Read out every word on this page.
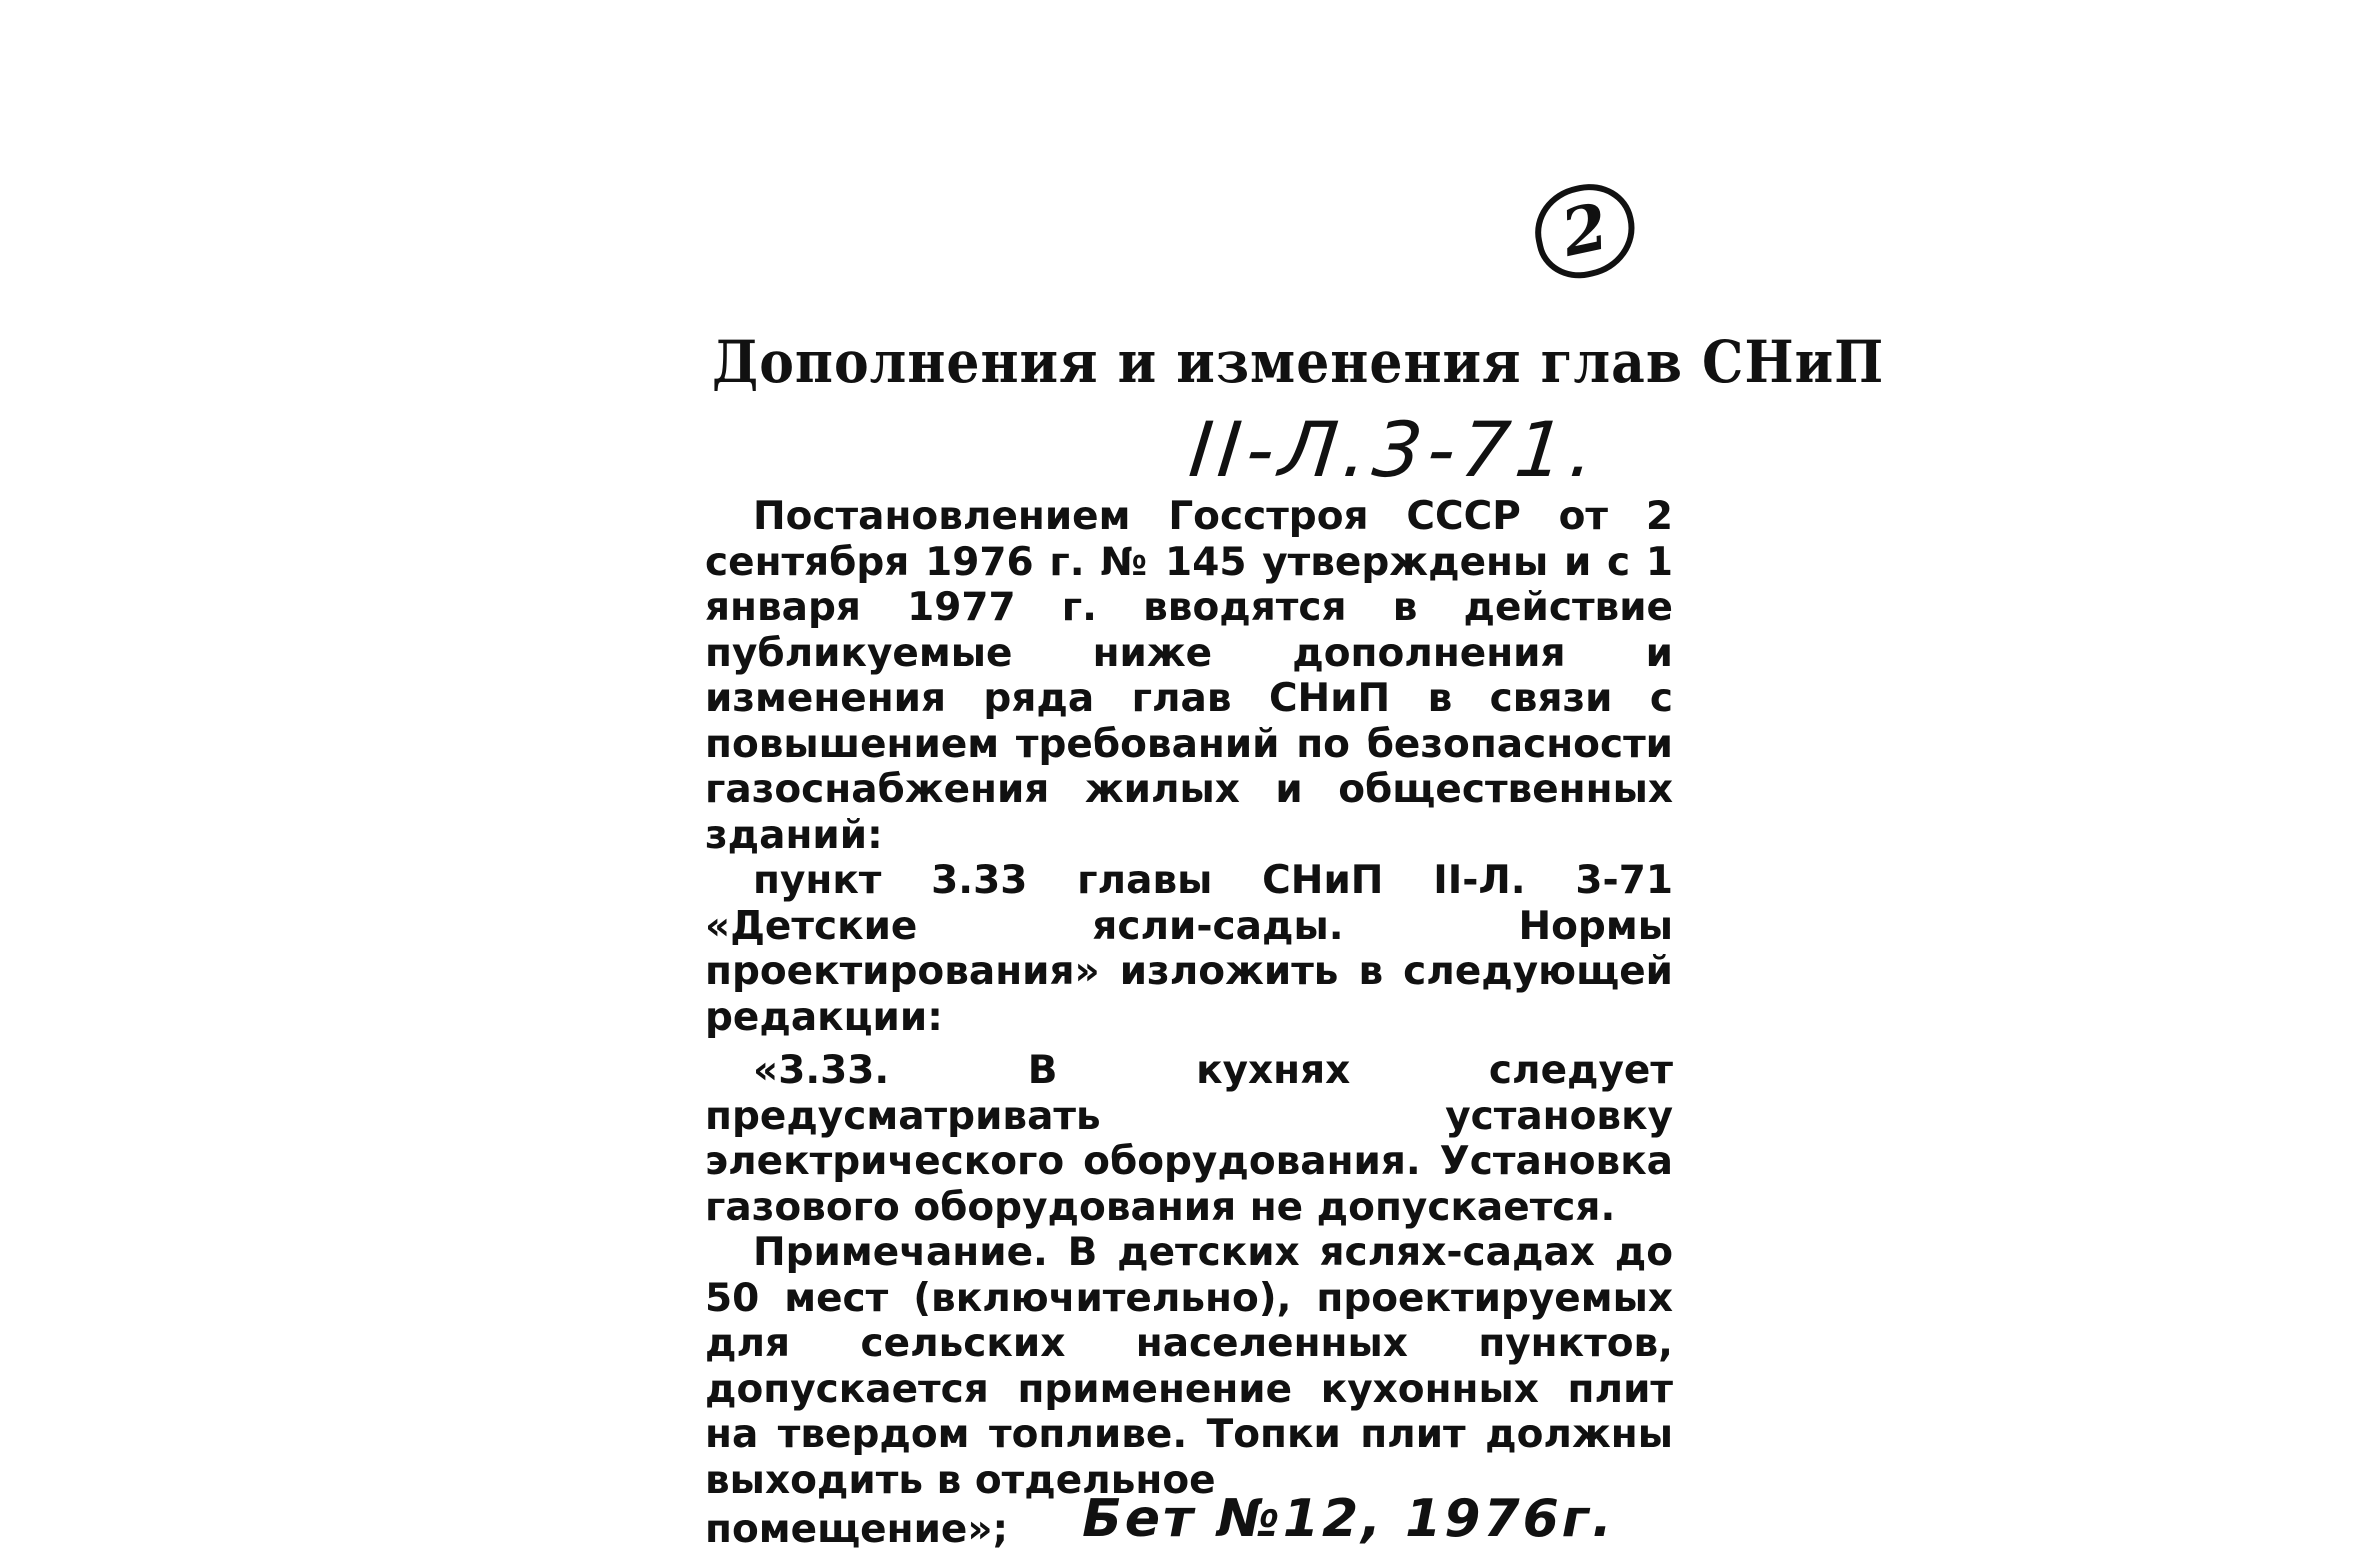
2
Дополнения и изменения глав СНиП
II-Л.3-71.

Постановлением Госстроя СССР от 2 сентября 1976 г. № 145 утверждены и с 1 января 1977 г. вводятся в действие публикуемые ниже дополнения и изменения ряда глав СНиП в связи с повышением требований по безопасности газоснабжения жилых и общественных зданий:

пункт 3.33 главы СНиП II-Л. 3-71 «Детские ясли-сады. Нормы проектирования» изложить в следующей редакции:

«3.33. В кухнях следует предусматривать установку электрического оборудования. Установка газового оборудования не допускается.

Примечание. В детских яслях-садах до 50 мест (включительно), проектируемых для сельских населенных пунктов, допускается применение кухонных плит на твердом топливе. Топки плит должны выходить в отдельное

помещение»; Бет №12, 1976г.
